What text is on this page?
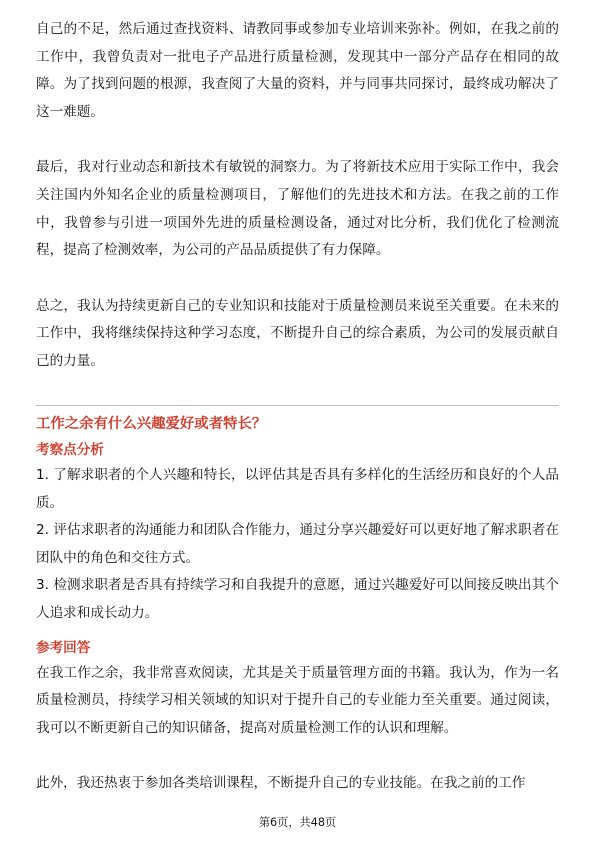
自己的不足，然后通过查找资料、请教同事或参加专业培训来弥补。例如，在我之前的工作中，我曾负责对一批电子产品进行质量检测，发现其中一部分产品存在相同的故障。为了找到问题的根源，我查阅了大量的资料，并与同事共同探讨，最终成功解决了这一难题。

最后，我对行业动态和新技术有敏锐的洞察力。为了将新技术应用于实际工作中，我会关注国内外知名企业的质量检测项目，了解他们的先进技术和方法。在我之前的工作中，我曾参与引进一项国外先进的质量检测设备，通过对比分析，我们优化了检测流程，提高了检测效率，为公司的产品品质提供了有力保障。

总之，我认为持续更新自己的专业知识和技能对于质量检测员来说至关重要。在未来的工作中，我将继续保持这种学习态度，不断提升自己的综合素质，为公司的发展贡献自己的力量。

工作之余有什么兴趣爱好或者特长？

考察点分析

1. 了解求职者的个人兴趣和特长，以评估其是否具有多样化的生活经历和良好的个人品质。

2. 评估求职者的沟通能力和团队合作能力，通过分享兴趣爱好可以更好地了解求职者在团队中的角色和交往方式。

3. 检测求职者是否具有持续学习和自我提升的意愿，通过兴趣爱好可以间接反映出其个人追求和成长动力。

参考回答

在我工作之余，我非常喜欢阅读，尤其是关于质量管理方面的书籍。我认为，作为一名质量检测员，持续学习相关领域的知识对于提升自己的专业能力至关重要。通过阅读，我可以不断更新自己的知识储备，提高对质量检测工作的认识和理解。

此外，我还热衷于参加各类培训课程，不断提升自己的专业技能。在我之前的工作

第6页，共48页
